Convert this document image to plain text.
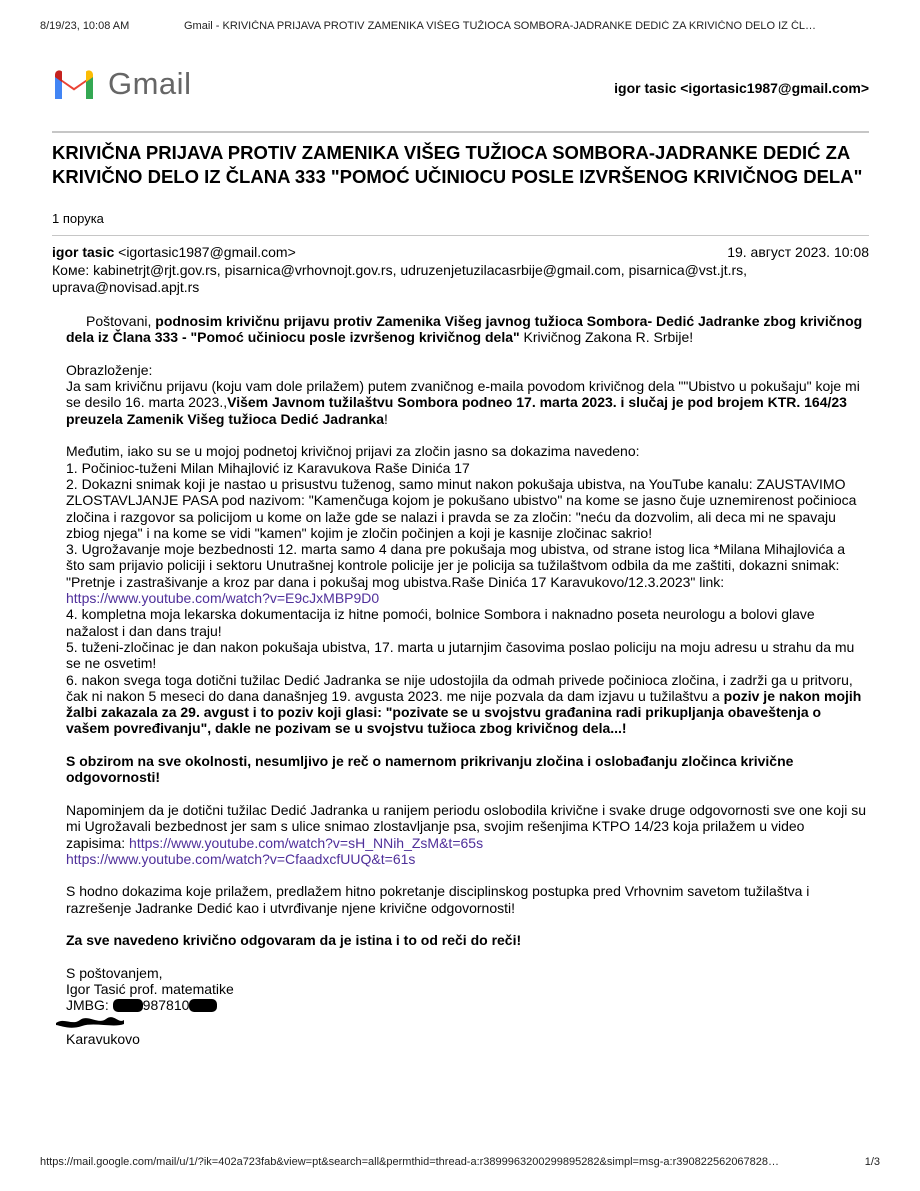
8/19/23, 10:08 AM	Gmail - KRIVIČNA PRIJAVA PROTIV ZAMENIKA VIŠEG TUŽIOCA SOMBORA-JADRANKE DEDIĆ ZA KRIVIČNO DELO IZ ČL…
Gmail	igor tasic <igortasic1987@gmail.com>
KRIVIČNA PRIJAVA PROTIV ZAMENIKA VIŠEG TUŽIOCA SOMBORA-JADRANKE DEDIĆ ZA KRIVIČNO DELO IZ ČLANA 333 "POMOĆ UČINIOCU POSLE IZVRŠENOG KRIVIČNOG DELA"
1 порука
igor tasic <igortasic1987@gmail.com>	19. август 2023. 10:08
Коме: kabinetrjt@rjt.gov.rs, pisarnica@vrhovnojt.gov.rs, udruzenjetuzilacasrbije@gmail.com, pisarnica@vst.jt.rs, uprava@novisad.apjt.rs

Poštovani, podnosim krivičnu prijavu protiv Zamenika Višeg javnog tužioca Sombora- Dedić Jadranke zbog krivičnog dela iz Člana 333 - "Pomoć učiniocu posle izvršenog krivičnog dela" Krivičnog Zakona R. Srbije!

Obrazloženje:

Ja sam krivičnu prijavu (koju vam dole prilažem) putem zvaničnog e-maila povodom krivičnog dela ""Ubistvo u pokušaju" koje mi se desilo 16. marta 2023.,Višem Javnom tužilaštvu Sombora podneo 17. marta 2023. i slučaj je pod brojem KTR. 164/23 preuzela Zamenik Višeg tužioca Dedić Jadranka!

Međutim, iako su se u mojoj podnetoj krivičnoj prijavi za zločin jasno sa dokazima navedeno:

1. Počinioc-tuženi Milan Mihajlović iz Karavukova Raše Dinića 17

2. Dokazni snimak koji je nastao u prisustvu tuženog, samo minut nakon pokušaja ubistva, na YouTube kanalu: ZAUSTAVIMO ZLOSTAVLJANJE PASA pod nazivom: "Kamenčuga kojom je pokušano ubistvo" na kome se jasno čuje uznemirenost počinioca zločina i razgovor sa policijom u kome on laže gde se nalazi i pravda se za zločin: "neću da dozvolim, ali deca mi ne spavaju zbiog njega" i na kome se vidi "kamen" kojim je zločin počinjen a koji je kasnije zločinac sakrio!

3. Ugrožavanje moje bezbednosti 12. marta samo 4 dana pre pokušaja mog ubistva, od strane istog lica *Milana Mihajlovića a što sam prijavio policiji i sektoru Unutrašnej kontrole policije jer je policija sa tužilaštvom odbila da me zaštiti, dokazni snimak: "Pretnje i zastrašivanje a kroz par dana i pokušaj mog ubistva.Raše Dinića 17 Karavukovo/12.3.2023" link: https://www.youtube.com/watch?v=E9cJxMBP9D0

4. kompletna moja lekarska dokumentacija iz hitne pomoći, bolnice Sombora i naknadno poseta neurologu a bolovi glave nažalost i dan dans traju!

5. tuženi-zločinac je dan nakon pokušaja ubistva, 17. marta u jutarnjim časovima poslao policiju na moju adresu u strahu da mu se ne osvetim!

6. nakon svega toga dotični tužilac Dedić Jadranka se nije udostojila da odmah privede počinioca zločina, i zadrži ga u pritvoru, čak ni nakon 5 meseci do dana današnjeg 19. avgusta 2023. me nije pozvala da dam izjavu u tužilaštvu a poziv je nakon mojih žalbi zakazala za 29. avgust i to poziv koji glasi: "pozivate se u svojstvu građanina radi prikupljanja obaveštenja o vašem povređivanju", dakle ne pozivam se u svojstvu tužioca zbog krivičnog dela...!

S obzirom na sve okolnosti, nesumljivo je reč o namernom prikrivanju zločina i oslobađanju zločinca krivične odgovornosti!

Napominjem da je dotični tužilac Dedić Jadranka u ranijem periodu oslobodila krivične i svake druge odgovornosti sve one koji su mi Ugrožavali bezbednost jer sam s ulice snimao zlostavljanje psa, svojim rešenjima KTPO 14/23 koja prilažem u video zapisima: https://www.youtube.com/watch?v=sH_NNih_ZsM&t=65s
https://www.youtube.com/watch?v=CfaadxcfUUQ&t=61s

S hodno dokazima koje prilažem, predlažem hitno pokretanje disciplinskog postupka pred Vrhovnim savetom tužilaštva i razrešenje Jadranke Dedić kao i utvrđivanje njene krivične odgovornosti!

Za sve navedeno krivično odgovaram da je istina i to od reči do reči!

S poštovanjem,

Igor Tasić prof. matematike

JMBG: 987810

Karavukovo

https://mail.google.com/mail/u/1/?ik=402a723fab&view=pt&search=all&permthid=thread-a:r3899963200299895282&simpl=msg-a:r390822562067828…	1/3
